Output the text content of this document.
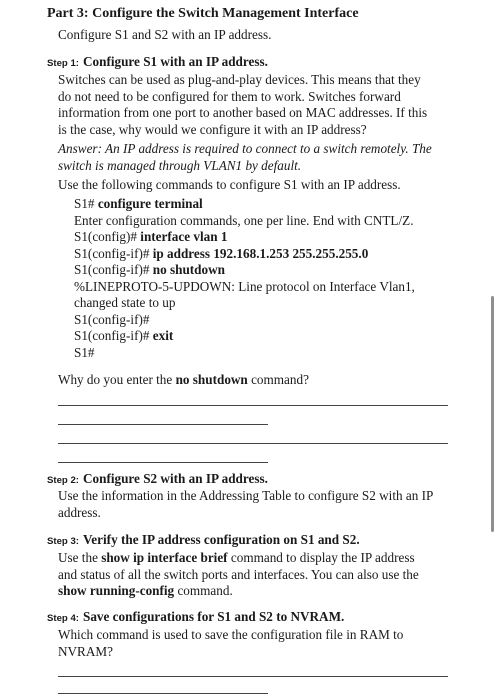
Part 3: Configure the Switch Management Interface
Configure S1 and S2 with an IP address.
Step 1: Configure S1 with an IP address.
Switches can be used as plug-and-play devices. This means that they
do not need to be configured for them to work. Switches forward
information from one port to another based on MAC addresses. If this
is the case, why would we configure it with an IP address?
Answer: An IP address is required to connect to a switch remotely. The
switch is managed through VLAN1 by default.
Use the following commands to configure S1 with an IP address.
S1# configure terminal
Enter configuration commands, one per line. End with CNTL/Z.
S1(config)# interface vlan 1
S1(config-if)# ip address 192.168.1.253 255.255.255.0
S1(config-if)# no shutdown
%LINEPROTO-5-UPDOWN: Line protocol on Interface Vlan1,
changed state to up
S1(config-if)#
S1(config-if)# exit
S1#
Why do you enter the no shutdown command?
Step 2: Configure S2 with an IP address.
Use the information in the Addressing Table to configure S2 with an IP
address.
Step 3: Verify the IP address configuration on S1 and S2.
Use the show ip interface brief command to display the IP address
and status of all the switch ports and interfaces. You can also use the
show running-config command.
Step 4: Save configurations for S1 and S2 to NVRAM.
Which command is used to save the configuration file in RAM to
NVRAM?
